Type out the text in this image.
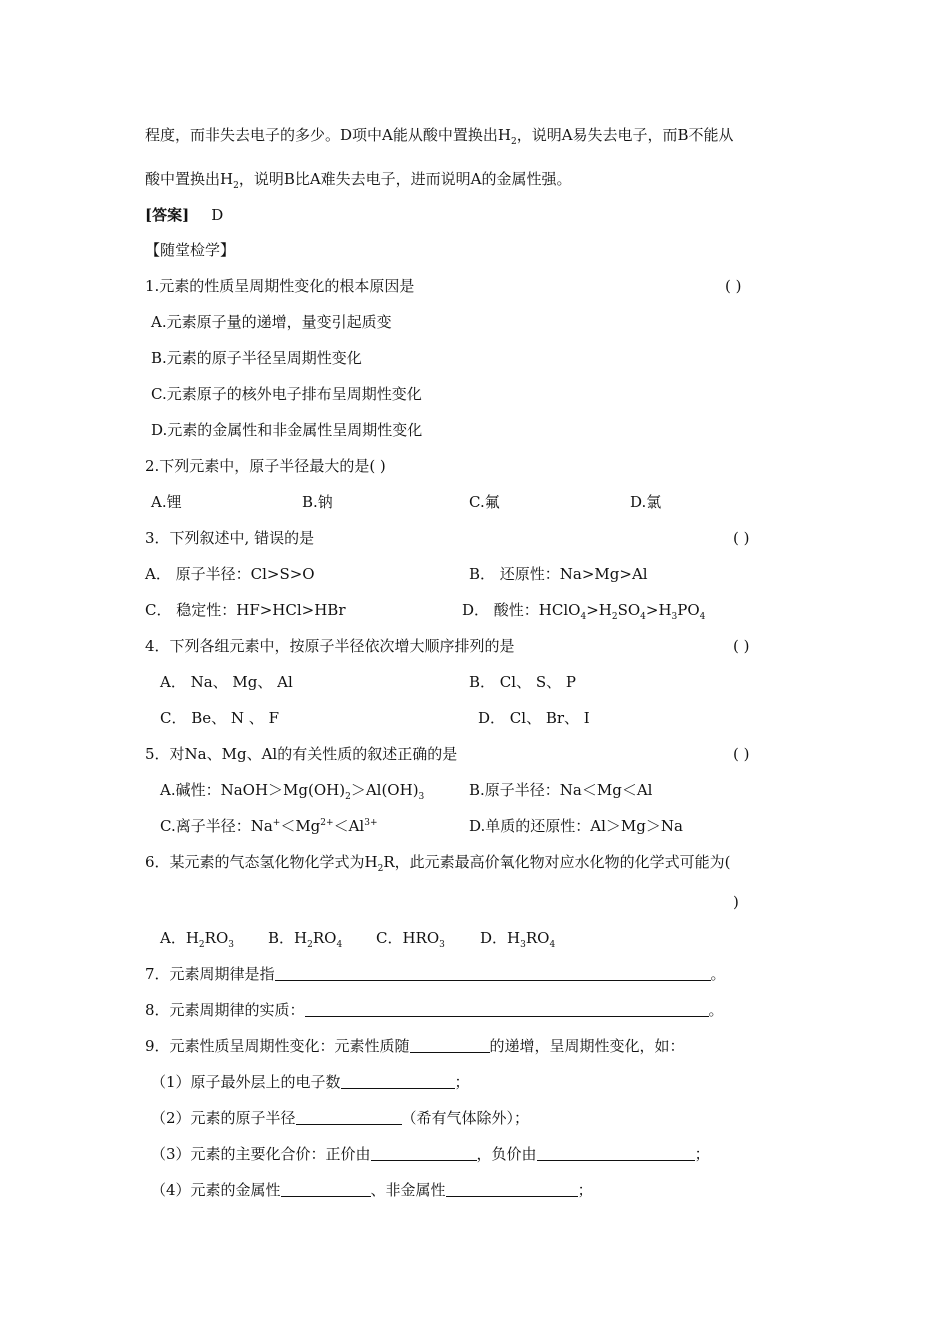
程度，而非失去电子的多少。D项中A能从酸中置换出$H_2$，说明A易失去电子，而B不能从
酸中置换出$H_2$，说明B比A难失去电子，进而说明A的金属性强。
[答案] D
【随堂检学】
1.元素的性质呈周期性变化的根本原因是	( )
A.元素原子量的递增，量变引起质变
B.元素的原子半径呈周期性变化
C.元素原子的核外电子排布呈周期性变化
D.元素的金属性和非金属性呈周期性变化
2.下列元素中，原子半径最大的是( )
A.锂	B.钠	C.氟	D.氯
3．下列叙述中, 错误的是	( )
A． 原子半径：Cl>S>O	B． 还原性：Na>Mg>Al
C． 稳定性：HF>HCl>HBr	D． 酸性：$HClO_4>H_2SO_4>H_3PO_4$
4．下列各组元素中，按原子半径依次增大顺序排列的是	( )
A． Na、 Mg、 Al	B． Cl、 S、 P
C． Be、 N 、 F	D． Cl、 Br、 I
5．对Na、Mg、Al的有关性质的叙述正确的是	( )
A.碱性：$NaOH>Mg(OH)_2>Al(OH)_3$	B.原子半径：Na＜Mg＜Al
C.离子半径：$Na^+<Mg^{2+}<Al^{3+}$	D.单质的还原性：Al＞Mg＞Na
6．某元素的气态氢化物化学式为$H_2R$，此元素最高价氧化物对应水化物的化学式可能为(
)
A．$H_2RO_3$ B．$H_2RO_4$ C．$HRO_3$ D．$H_3RO_4$
7．元素周期律是指	。
8．元素周期律的实质：	。
9．元素性质呈周期性变化：元素性质随	的递增，呈周期性变化，如：
（1）原子最外层上的电子数	；
（2）元素的原子半径	（希有气体除外）；
（3）元素的主要化合价：正价由	，负价由	；
（4）元素的金属性	、非金属性	；
